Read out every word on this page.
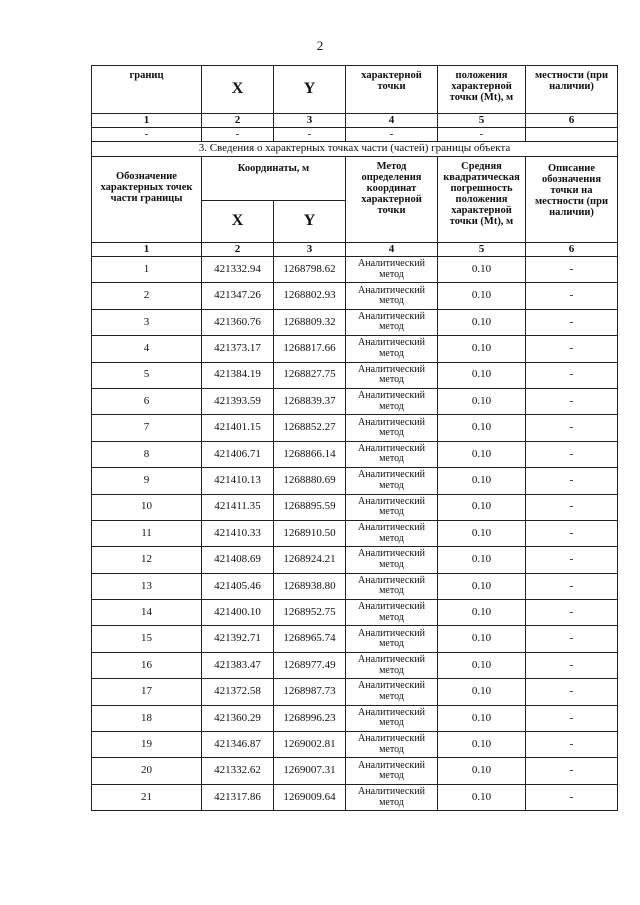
2
границ	X	Y	характерной точки	положения характерной точки (Mt), м	местности (при наличии)
1	2	3	4	5	6
-	-	-	-	-	
3. Сведения о характерных точках части (частей) границы объекта					
Обозначение характерных точек части границы	Координаты, м		Метод определения координат характерной точки	Средняя квадратическая погрешность положения характерной точки (Mt), м	Описание обозначения точки на местности (при наличии)
	X	Y			
1	2	3	4	5	6
1	421332.94	1268798.62	Аналитический метод	0.10	-
2	421347.26	1268802.93	Аналитический метод	0.10	-
3	421360.76	1268809.32	Аналитический метод	0.10	-
4	421373.17	1268817.66	Аналитический метод	0.10	-
5	421384.19	1268827.75	Аналитический метод	0.10	-
6	421393.59	1268839.37	Аналитический метод	0.10	-
7	421401.15	1268852.27	Аналитический метод	0.10	-
8	421406.71	1268866.14	Аналитический метод	0.10	-
9	421410.13	1268880.69	Аналитический метод	0.10	-
10	421411.35	1268895.59	Аналитический метод	0.10	-
11	421410.33	1268910.50	Аналитический метод	0.10	-
12	421408.69	1268924.21	Аналитический метод	0.10	-
13	421405.46	1268938.80	Аналитический метод	0.10	-
14	421400.10	1268952.75	Аналитический метод	0.10	-
15	421392.71	1268965.74	Аналитический метод	0.10	-
16	421383.47	1268977.49	Аналитический метод	0.10	-
17	421372.58	1268987.73	Аналитический метод	0.10	-
18	421360.29	1268996.23	Аналитический метод	0.10	-
19	421346.87	1269002.81	Аналитический метод	0.10	-
20	421332.62	1269007.31	Аналитический метод	0.10	-
21	421317.86	1269009.64	Аналитический метод	0.10	-
